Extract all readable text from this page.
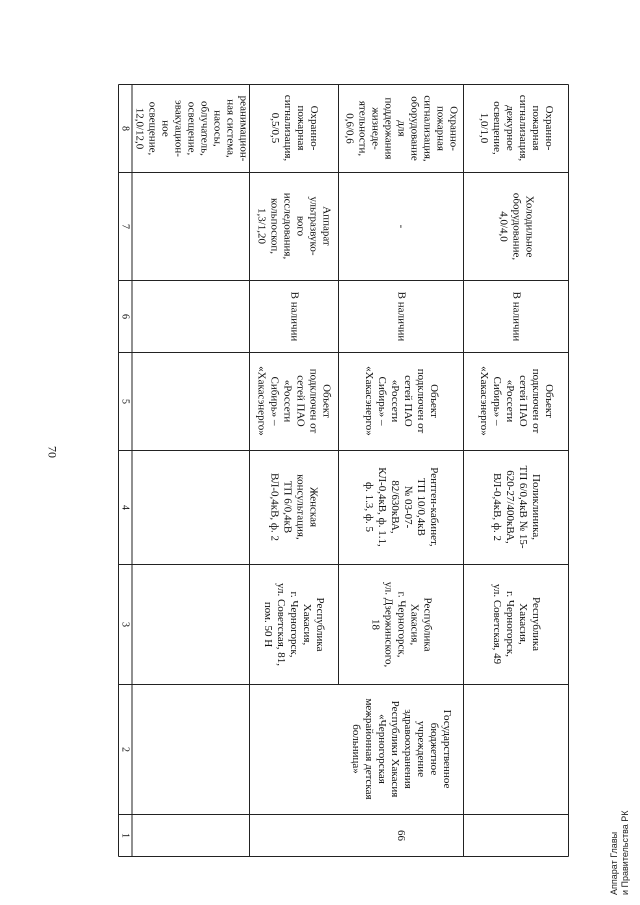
70
Аппарат Главы и Правительства РК
1
2
3
4
5
6
7
8	реанимацион-
ная система,
насосы,
облучатель,
освещение,
эвакуацион-
ное
освещение,
12,0/12,0
Республика
Хакасия,
г. Черногорск,
ул. Советская, 81,
пом. 50 Н
Женская
консультация,
ТП 6/0,4кВ
ВЛ-0,4кВ, ф. 2
Объект
подключен от
сетей ПАО
«Россети
Сибирь» –
«Хакасэнерго»
В наличии
Аппарат
ультразвуко-
вого
исследования,
кольпоскоп,
1,3/1,20
Охранно-
пожарная
сигнализация,
0,5/0,5
66
Государственное
бюджетное
учреждение
здравоохранения
Республики Хакасия
«Черногорская
межрайонная детская
больница»
Республика
Хакасия,
г. Черногорск,
ул. Дзержинского,
18
Рентген-кабинет,
ТП 10/0,4кВ
№ 03-07-
82/630кВА,
КЛ-0,4кВ, ф. 1.1,
ф. 1.3, ф. 5
Объект
подключен от
сетей ПАО
«Россети
Сибирь» –
«Хакасэнерго»
В наличии
-
Охранно-
пожарная
сигнализация,
оборудование
для
поддержания
жизнеде-
ятельности,
0,6/0,6
Республика
Хакасия,
г. Черногорск,
ул. Советская, 49
Поликлиника,
ТП 6/0,4кВ № 15-
620-27/400кВА,
ВЛ-0,4кВ, ф. 2
Объект
подключен от
сетей ПАО
«Россети
Сибирь» –
«Хакасэнерго»
В наличии
Холодильное
оборудование,
4,0/4,0
Охранно-
пожарная
сигнализация,
дежурное
освещение,
1,0/1,0
